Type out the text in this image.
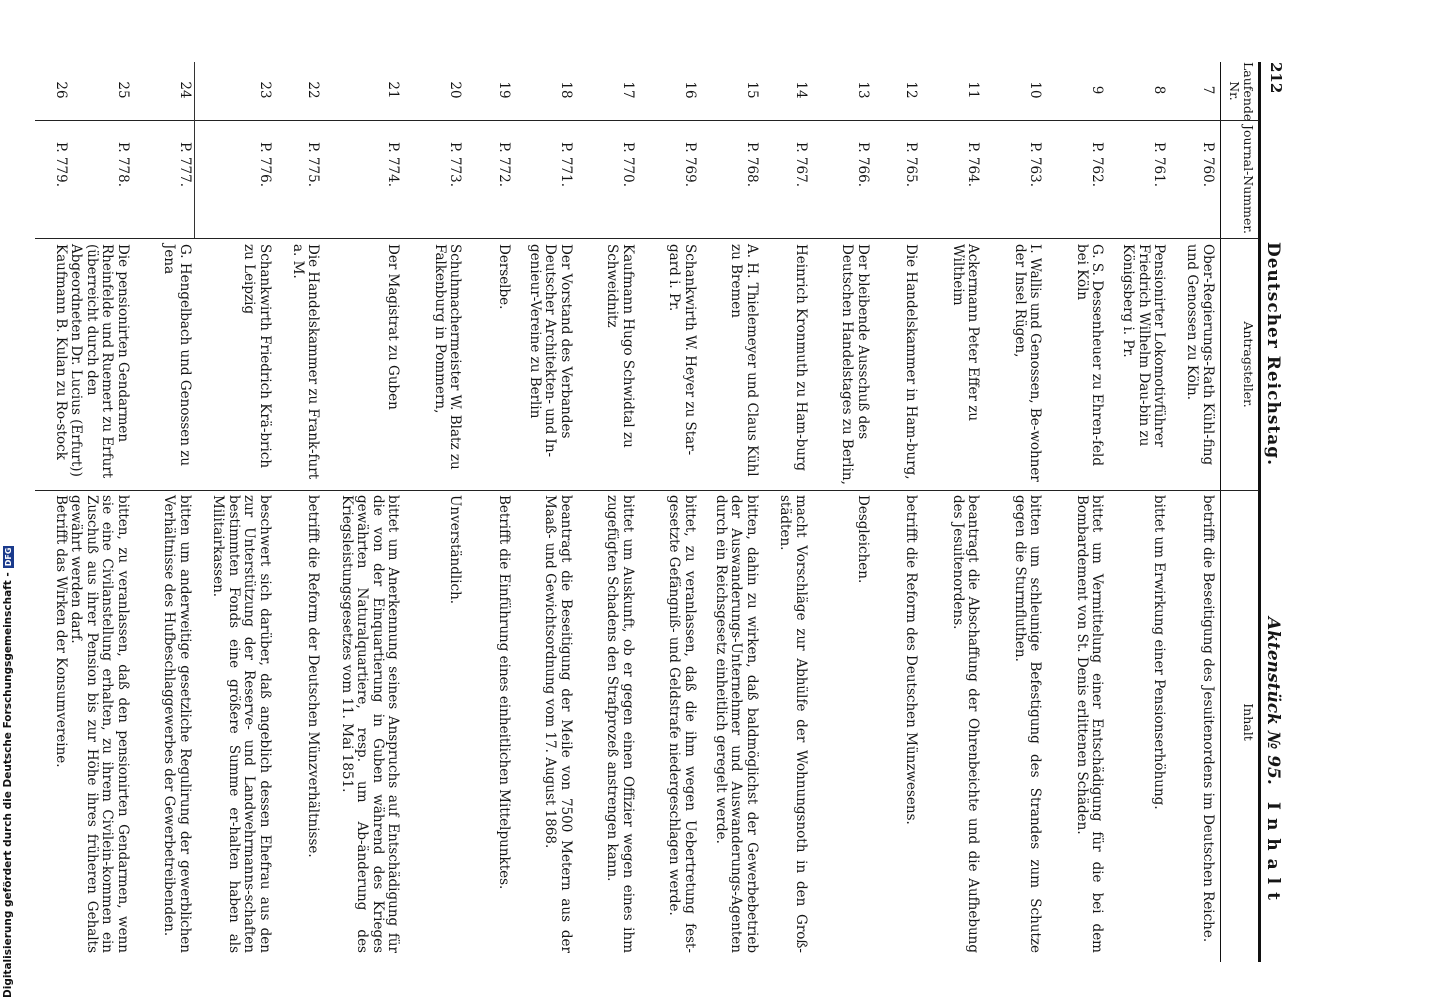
212
Deutscher Reichstag.
Aktenstück № 95.
Inhalt
Laufende Nr.
Journal-Nummer.
Antragsteller.
Inhalt
7
P. 760.
Ober-Regierungs-Rath Kühl-fing und Genossen zu Köln.
betrifft die Beseitigung des Jesuitenordens im Deutschen Reiche.
8
P. 761.
Pensionirter Lokomotivführer Friedrich Wilhelm Dau-bin zu Königsberg i. Pr.
bittet um Erwirkung einer Pensionserhöhung.
9
P. 762.
G. S. Dessenheuer zu Ehren-feld bei Köln
bittet um Vermittelung einer Entschädigung für die bei dem Bombardement von St. Denis erlittenen Schäden.
10
P. 763.
I. Wallis und Genossen, Be-wohner der Insel Rügen,
bitten um schleunige Befestigung des Strandes zum Schutze gegen die Sturmfluthen.
11
P. 764.
Ackermann Peter Effer zu Wiltheim
beantragt die Abschaffung der Ohrenbeichte und die Aufhebung des Jesuitenordens.
12
P. 765.
Die Handelskammer in Ham-burg,
betrifft die Reform des Deutschen Münzwesens.
13
P. 766.
Der bleibende Ausschuß des Deutschen Handelstages zu Berlin,
Desgleichen.
14
P. 767.
Heinrich Kronmuth zu Ham-burg
macht Vorschläge zur Abhülfe der Wohnungsnoth in den Groß-städten.
15
P. 768.
A. H. Thielemeyer und Claus Kühl zu Bremen
bitten, dahin zu wirken, daß baldmöglichst der Gewerbebetrieb der Auswanderungs-Unternehmer und Auswanderungs-Agenten durch ein Reichsgesetz einheitlich geregelt werde.
16
P. 769.
Schankwirth W. Heyer zu Star-gard i. Pr.
bittet, zu veranlassen, daß die ihm wegen Uebertretung fest-gesetzte Gefängniß- und Geldstrafe niedergeschlagen werde.
17
P. 770.
Kaufmann Hugo Schwidtal zu Schweidnitz
bittet um Auskunft, ob er gegen einen Offizier wegen eines ihm zugefügten Schadens den Strafprozeß anstrengen kann.
18
P. 771.
Der Vorstand des Verbandes Deutscher Architekten- und In-genieur-Vereine zu Berlin
beantragt die Beseitigung der Meile von 7500 Metern aus der Maaß- und Gewichtsordnung vom 17. August 1868.
19
P. 772.
Derselbe.
Betrifft die Einführung eines einheitlichen Mittelpunktes.
20
P. 773.
Schuhmachermeister W. Blatz zu Falkenburg in Pommern,
Unverständlich.
21
P. 774.
Der Magistrat zu Guben
bittet um Anerkennung seines Anspruchs auf Entschädigung für die von der Einquartierung in Guben während des Krieges gewährten Naturalquartiere, resp. um Ab-änderung des Kriegsleistungsgesetzes vom 11. Mai 1851.
22
P. 775.
Die Handelskammer zu Frank-furt a. M.
betrifft die Reform der Deutschen Münzverhältnisse.
23
P. 776.
Schankwirth Friedrich Krä-brich zu Leipzig
beschwert sich darüber, daß angeblich dessen Ehefrau aus den zur Unterstützung der Reserve- und Landwehrmanns-schaften bestimmten Fonds eine größere Summe er-halten haben als Militairkassen.
24
P. 777.
G. Hengelbach und Genossen zu Jena
bitten um anderweitige gesetzliche Regulirung der gewerblichen Verhältnisse des Hufbeschlaggewerbes der Gewerbetreibenden.
25
P. 778.
Die pensionirten Gendarmen Rheinfelde und Ruemert zu Erfurt (überreicht durch den Abgeordneten Dr. Lucius (Erfurt))
bitten, zu veranlassen, daß den pensionirten Gendarmen, wenn sie eine Civilanstellung erhalten, zu ihrem Civilein-kommen ein Zuschuß aus ihrer Pension bis zur Höhe ihres früheren Gehalts gewährt werden darf.
26
P. 779.
Kaufmann B. Kulan zu Ro-stock
Betrifft das Wirken der Konsumvereine.
Digitalisierung gefördert durch die Deutsche Forschungsgemeinschaft -DFG
